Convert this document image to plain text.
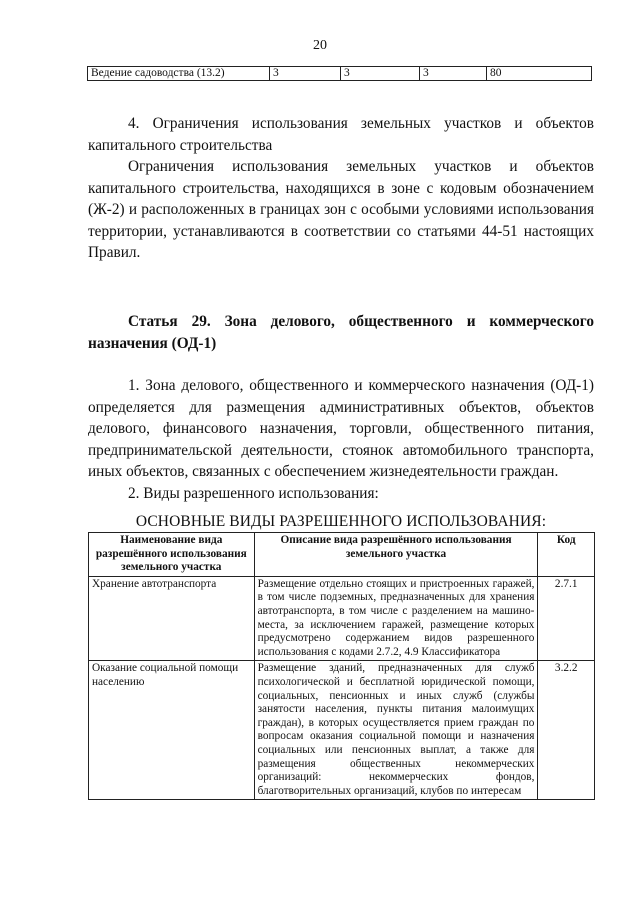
20
Ведение садоводства (13.2)	3	3	3	80
4. Ограничения использования земельных участков и объектов
капитального строительства
Ограничения использования земельных участков и объектов
капитального строительства, находящихся в зоне с кодовым обозначением
(Ж-2) и расположенных в границах зон с особыми условиями использования
территории, устанавливаются в соответствии со статьями 44-51 настоящих
Правил.
Статья 29. Зона делового, общественного и коммерческого
назначения (ОД-1)
1. Зона делового, общественного и коммерческого назначения (ОД-1)
определяется для размещения административных объектов, объектов
делового, финансового назначения, торговли, общественного питания,
предпринимательской деятельности, стоянок автомобильного транспорта,
иных объектов, связанных с обеспечением жизнедеятельности граждан.
2. Виды разрешенного использования:
ОСНОВНЫЕ ВИДЫ РАЗРЕШЕННОГО ИСПОЛЬЗОВАНИЯ:
Наименование вида разрешённого использования земельного участка	Описание вида разрешённого использования земельного участка	Код
Хранение автотранспорта	Размещение отдельно стоящих и пристроенных гаражей, в том числе подземных, предназначенных для хранения автотранспорта, в том числе с разделением на машино-места, за исключением гаражей, размещение которых предусмотрено содержанием видов разрешенного использования с кодами 2.7.2, 4.9 Классификатора	2.7.1
Оказание социальной помощи населению	Размещение зданий, предназначенных для служб психологической и бесплатной юридической помощи, социальных, пенсионных и иных служб (службы занятости населения, пункты питания малоимущих граждан), в которых осуществляется прием граждан по вопросам оказания социальной помощи и назначения социальных или пенсионных выплат, а также для размещения общественных некоммерческих организаций: некоммерческих фондов, благотворительных организаций, клубов по интересам	3.2.2
